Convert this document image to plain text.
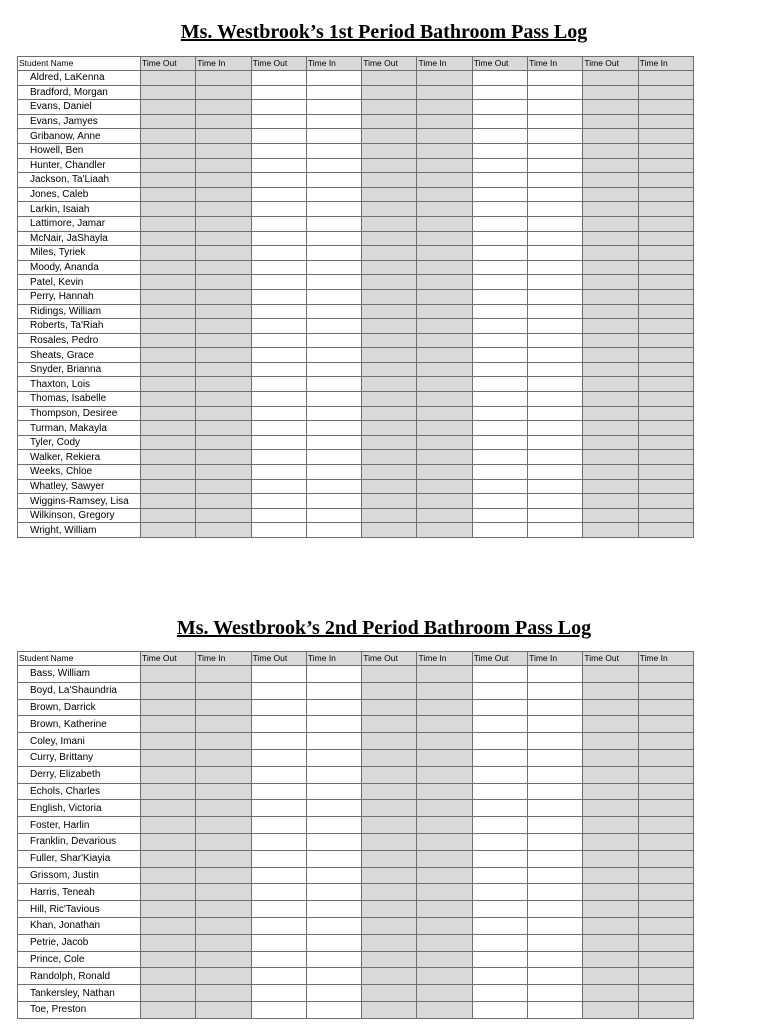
Ms. Westbrook’s 1st Period Bathroom Pass Log
Student Name	Time Out	Time In	Time Out	Time In	Time Out	Time In	Time Out	Time In	Time Out	Time In
Aldred, LaKenna										
Bradford, Morgan										
Evans, Daniel										
Evans, Jamyes										
Gribanow, Anne										
Howell, Ben										
Hunter, Chandler										
Jackson, Ta'Liaah										
Jones, Caleb										
Larkin, Isaiah										
Lattimore, Jamar										
McNair, JaShayla										
Miles, Tyriek										
Moody, Ananda										
Patel, Kevin										
Perry, Hannah										
Ridings, William										
Roberts, Ta'Riah										
Rosales, Pedro										
Sheats, Grace										
Snyder, Brianna										
Thaxton, Lois										
Thomas, Isabelle										
Thompson, Desiree										
Turman, Makayla										
Tyler, Cody										
Walker, Rekiera										
Weeks, Chloe										
Whatley, Sawyer										
Wiggins-Ramsey, Lisa										
Wilkinson, Gregory										
Wright, William										
Ms. Westbrook’s 2nd Period Bathroom Pass Log
Student Name	Time Out	Time In	Time Out	Time In	Time Out	Time In	Time Out	Time In	Time Out	Time In
Bass, William										
Boyd, La'Shaundria										
Brown, Darrick										
Brown, Katherine										
Coley, Imani										
Curry, Brittany										
Derry, Elizabeth										
Echols, Charles										
English, Victoria										
Foster, Harlin										
Franklin, Devarious										
Fuller, Shar'Kiayia										
Grissom, Justin										
Harris, Teneah										
Hill, Ric'Tavious										
Khan, Jonathan										
Petrie, Jacob										
Prince, Cole										
Randolph, Ronald										
Tankersley, Nathan										
Toe, Preston										
